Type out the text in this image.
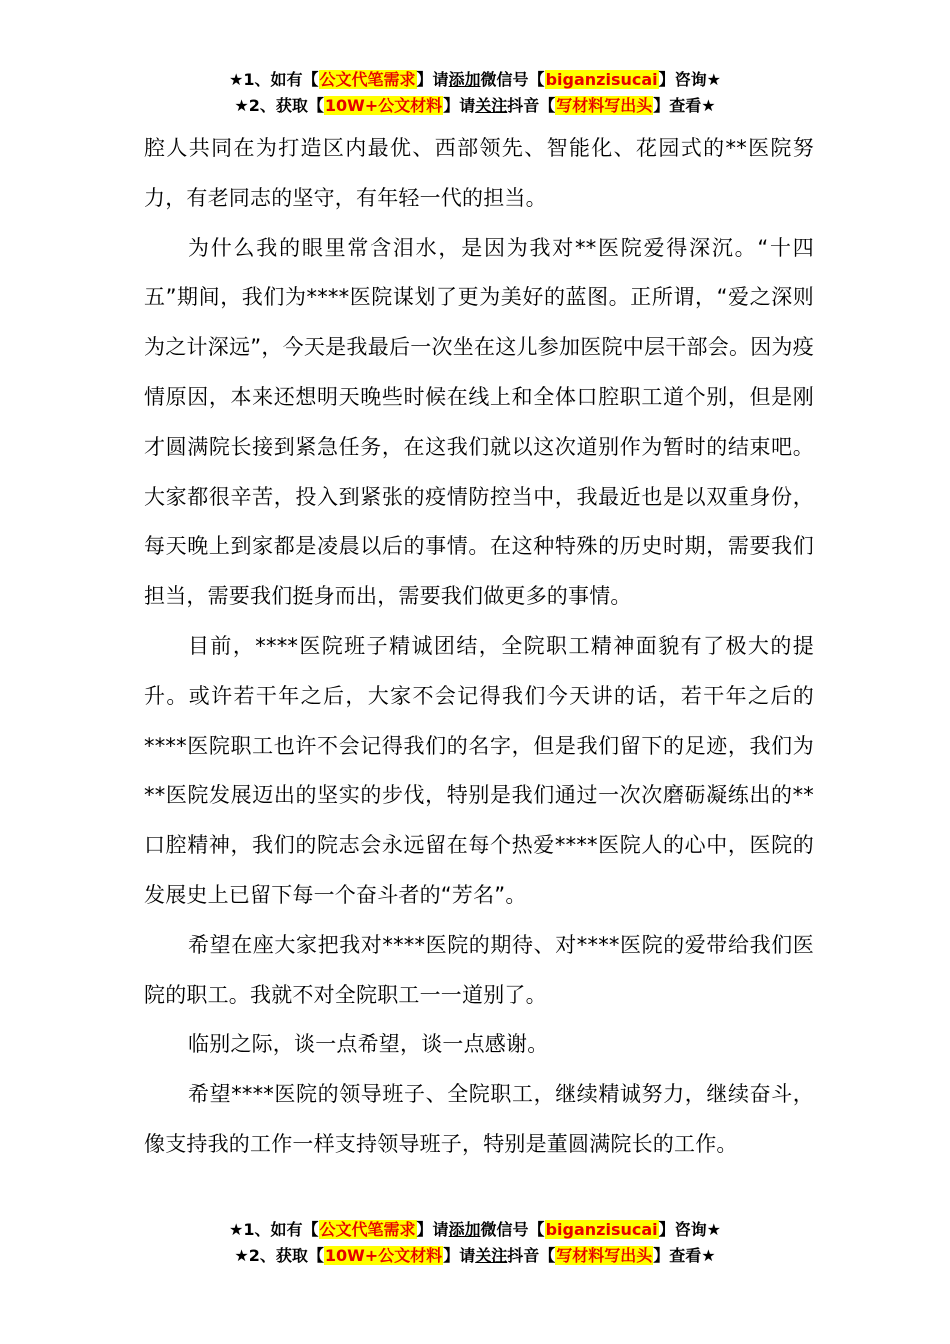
★1、如有【公文代笔需求】请添加微信号【biganzisucai】咨询★
★2、获取【10W+公文材料】请关注抖音【写材料写出头】查看★

腔人共同在为打造区内最优、西部领先、智能化、花园式的**医院努力，有老同志的坚守，有年轻一代的担当。

为什么我的眼里常含泪水，是因为我对**医院爱得深沉。“十四五”期间，我们为****医院谋划了更为美好的蓝图。正所谓，“爱之深则为之计深远”，今天是我最后一次坐在这儿参加医院中层干部会。因为疫情原因，本来还想明天晚些时候在线上和全体口腔职工道个别，但是刚才圆满院长接到紧急任务，在这我们就以这次道别作为暂时的结束吧。大家都很辛苦，投入到紧张的疫情防控当中，我最近也是以双重身份，每天晚上到家都是凌晨以后的事情。在这种特殊的历史时期，需要我们担当，需要我们挺身而出，需要我们做更多的事情。

目前，****医院班子精诚团结，全院职工精神面貌有了极大的提升。或许若干年之后，大家不会记得我们今天讲的话，若干年之后的****医院职工也许不会记得我们的名字，但是我们留下的足迹，我们为**医院发展迈出的坚实的步伐，特别是我们通过一次次磨砺凝练出的**口腔精神，我们的院志会永远留在每个热爱****医院人的心中，医院的发展史上已留下每一个奋斗者的“芳名”。

希望在座大家把我对****医院的期待、对****医院的爱带给我们医院的职工。我就不对全院职工一一道别了。

临别之际，谈一点希望，谈一点感谢。

希望****医院的领导班子、全院职工，继续精诚努力，继续奋斗，像支持我的工作一样支持领导班子，特别是董圆满院长的工作。

★1、如有【公文代笔需求】请添加微信号【biganzisucai】咨询★
★2、获取【10W+公文材料】请关注抖音【写材料写出头】查看★
